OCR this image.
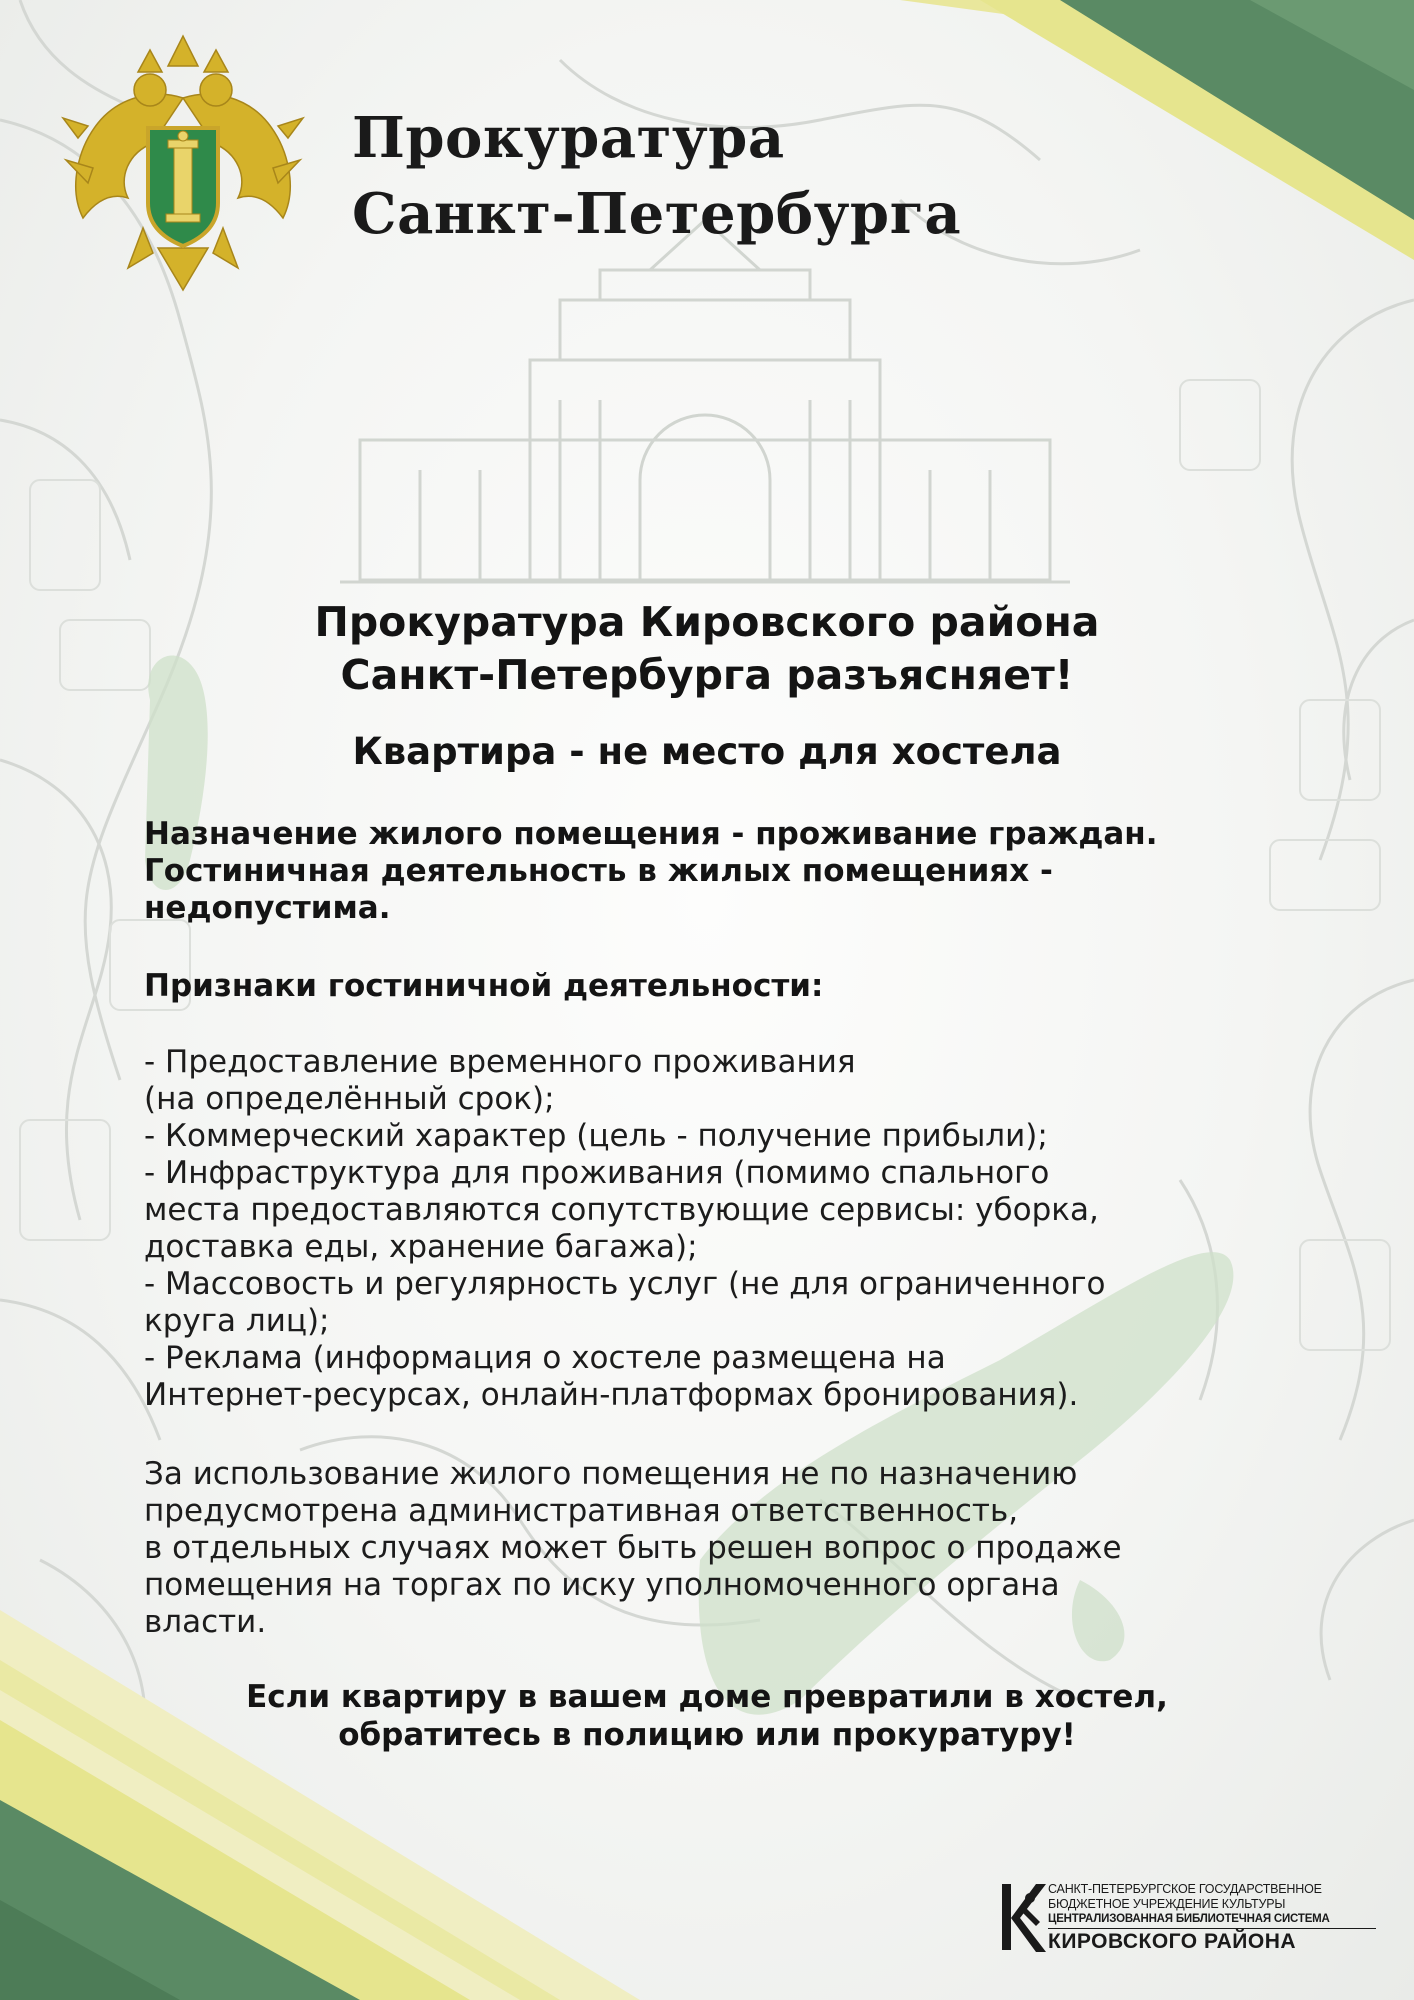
Прокуратура
Санкт-Петербурга
Прокуратура Кировского района
Санкт-Петербурга разъясняет!
Квартира - не место для хостела
Назначение жилого помещения - проживание граждан.
Гостиничная деятельность в жилых помещениях -
недопустима.
Признаки гостиничной деятельности:
- Предоставление временного проживания
(на определённый срок);
- Коммерческий характер (цель - получение прибыли);
- Инфраструктура для проживания (помимо спального
места предоставляются сопутствующие сервисы: уборка,
доставка еды, хранение багажа);
- Массовость и регулярность услуг (не для ограниченного
круга лиц);
- Реклама (информация о хостеле размещена на
Интернет-ресурсах, онлайн-платформах бронирования).
За использование жилого помещения не по назначению
предусмотрена административная ответственность,
в отдельных случаях может быть решен вопрос о продаже
помещения на торгах по иску уполномоченного органа
власти.
Если квартиру в вашем доме превратили в хостел,
обратитесь в полицию или прокуратуру!
САНКТ-ПЕТЕРБУРГСКОЕ ГОСУДАРСТВЕННОЕ
БЮДЖЕТНОЕ УЧРЕЖДЕНИЕ КУЛЬТУРЫ
ЦЕНТРАЛИЗОВАННАЯ БИБЛИОТЕЧНАЯ СИСТЕМА
КИРОВСКОГО РАЙОНА
